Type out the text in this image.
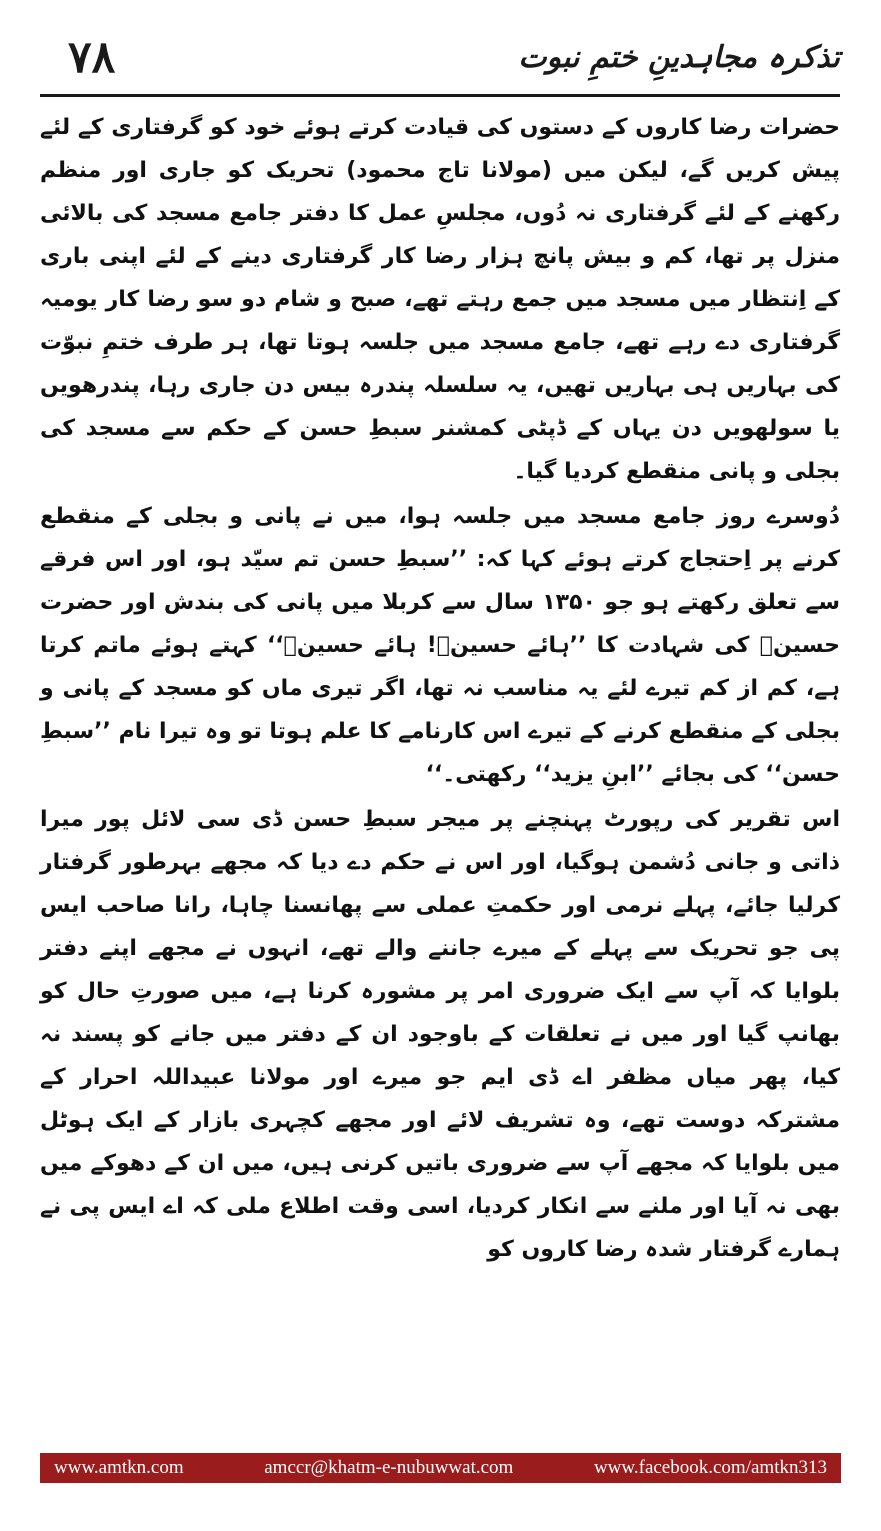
۷۸	تذکرہ مجاہدینِ ختمِ نبوت

حضرات رضا کاروں کے دستوں کی قیادت کرتے ہوئے خود کو گرفتاری کے لئے پیش کریں گے، لیکن میں (مولانا تاج محمود) تحریک کو جاری اور منظم رکھنے کے لئے گرفتاری نہ دُوں، مجلسِ عمل کا دفتر جامع مسجد کی بالائی منزل پر تھا، کم و بیش پانچ ہزار رضا کار گرفتاری دینے کے لئے اپنی باری کے اِنتظار میں مسجد میں جمع رہتے تھے، صبح و شام دو سو رضا کار یومیہ گرفتاری دے رہے تھے، جامع مسجد میں جلسہ ہوتا تھا، ہر طرف ختمِ نبوّت کی بہاریں ہی بہاریں تھیں، یہ سلسلہ پندرہ بیس دن جاری رہا، پندرھویں یا سولھویں دن یہاں کے ڈپٹی کمشنر سبطِ حسن کے حکم سے مسجد کی بجلی و پانی منقطع کردیا گیا۔

دُوسرے روز جامع مسجد میں جلسہ ہوا، میں نے پانی و بجلی کے منقطع کرنے پر اِحتجاج کرتے ہوئے کہا کہ: ’’سبطِ حسن تم سیّد ہو، اور اس فرقے سے تعلق رکھتے ہو جو ۱۳۵۰ سال سے کربلا میں پانی کی بندش اور حضرت حسینؓ کی شہادت کا ’’ہائے حسینؓ! ہائے حسینؓ‘‘ کہتے ہوئے ماتم کرتا ہے، کم از کم تیرے لئے یہ مناسب نہ تھا، اگر تیری ماں کو مسجد کے پانی و بجلی کے منقطع کرنے کے تیرے اس کارنامے کا علم ہوتا تو وہ تیرا نام ’’سبطِ حسن‘‘ کی بجائے ’’ابنِ یزید‘‘ رکھتی۔‘‘

اس تقریر کی رپورٹ پہنچنے پر میجر سبطِ حسن ڈی سی لائل پور میرا ذاتی و جانی دُشمن ہوگیا، اور اس نے حکم دے دیا کہ مجھے بہرطور گرفتار کرلیا جائے، پہلے نرمی اور حکمتِ عملی سے پھانسنا چاہا، رانا صاحب ایس پی جو تحریک سے پہلے کے میرے جاننے والے تھے، انہوں نے مجھے اپنے دفتر بلوایا کہ آپ سے ایک ضروری امر پر مشورہ کرنا ہے، میں صورتِ حال کو بھانپ گیا اور میں نے تعلقات کے باوجود ان کے دفتر میں جانے کو پسند نہ کیا، پھر میاں مظفر اے ڈی ایم جو میرے اور مولانا عبیداللہ احرار کے مشترکہ دوست تھے، وہ تشریف لائے اور مجھے کچہری بازار کے ایک ہوٹل میں بلوایا کہ مجھے آپ سے ضروری باتیں کرنی ہیں، میں ان کے دھوکے میں بھی نہ آیا اور ملنے سے انکار کردیا، اسی وقت اطلاع ملی کہ اے ایس پی نے ہمارے گرفتار شدہ رضا کاروں کو

www.amtkn.com	amccr@khatm-e-nubuwwat.com	www.facebook.com/amtkn313
